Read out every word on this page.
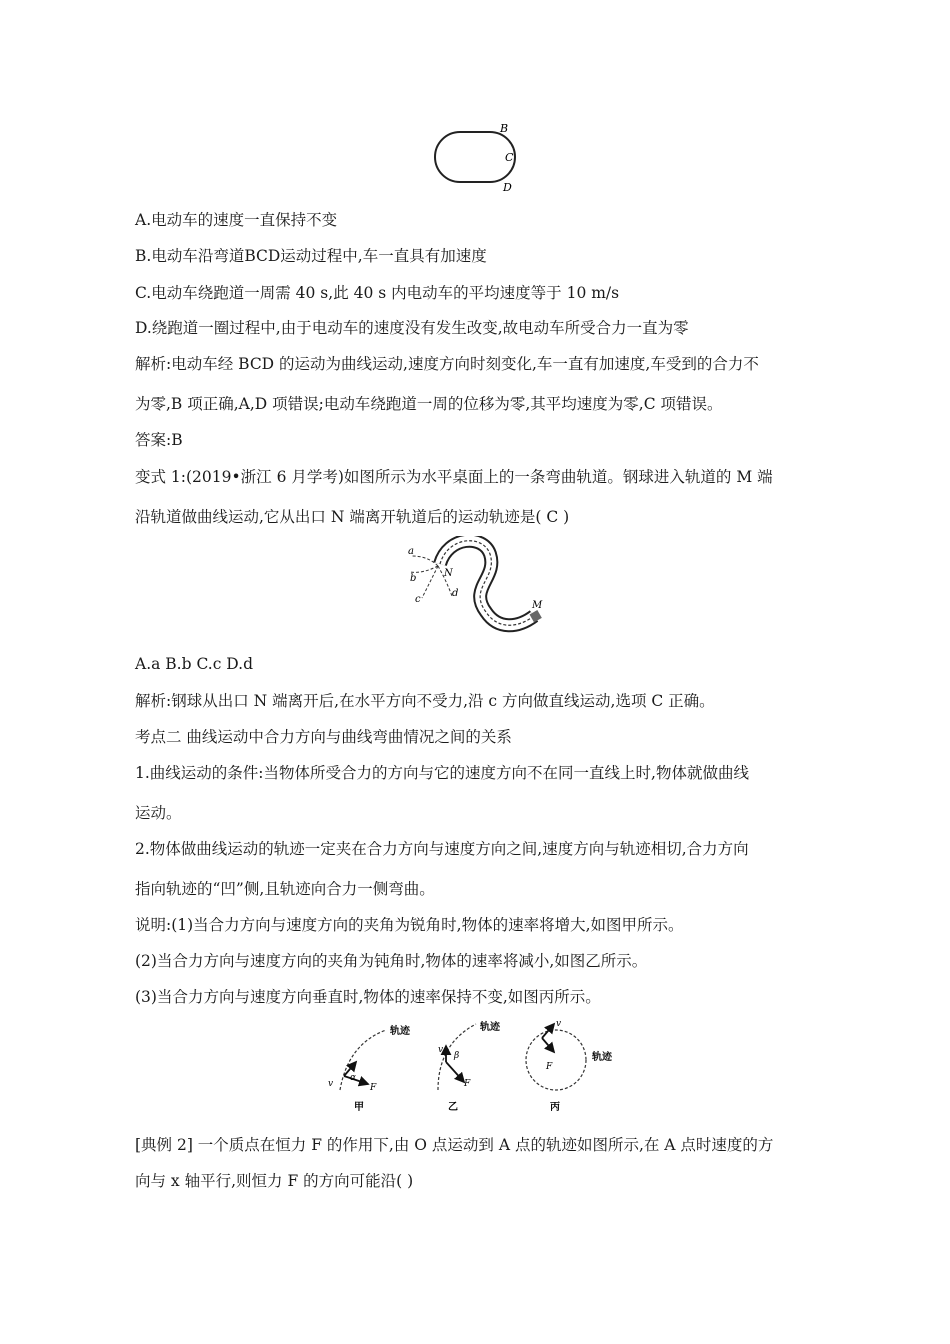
B
C
D
A.电动车的速度一直保持不变
B.电动车沿弯道BCD运动过程中,车一直具有加速度
C.电动车绕跑道一周需 40 s,此 40 s 内电动车的平均速度等于 10 m/s
D.绕跑道一圈过程中,由于电动车的速度没有发生改变,故电动车所受合力一直为零
解析:电动车经 BCD 的运动为曲线运动,速度方向时刻变化,车一直有加速度,车受到的合力不
为零,B 项正确,A,D 项错误;电动车绕跑道一周的位移为零,其平均速度为零,C 项错误。
答案:B
变式 1:(2019•浙江 6 月学考)如图所示为水平桌面上的一条弯曲轨道。钢球进入轨道的 M 端
沿轨道做曲线运动,它从出口 N 端离开轨道后的运动轨迹是( C )
a
b
c
d
N
M
A.a B.b C.c D.d
解析:钢球从出口 N 端离开后,在水平方向不受力,沿 c 方向做直线运动,选项 C 正确。
考点二 曲线运动中合力方向与曲线弯曲情况之间的关系
1.曲线运动的条件:当物体所受合力的方向与它的速度方向不在同一直线上时,物体就做曲线
运动。
2.物体做曲线运动的轨迹一定夹在合力方向与速度方向之间,速度方向与轨迹相切,合力方向
指向轨迹的“凹”侧,且轨迹向合力一侧弯曲。
说明:(1)当合力方向与速度方向的夹角为锐角时,物体的速率将增大,如图甲所示。
(2)当合力方向与速度方向的夹角为钝角时,物体的速率将减小,如图乙所示。
(3)当合力方向与速度方向垂直时,物体的速率保持不变,如图丙所示。
轨迹
v
α
F
甲
轨迹
v
β
F
乙
v
F
轨迹
丙
[典例 2] 一个质点在恒力 F 的作用下,由 O 点运动到 A 点的轨迹如图所示,在 A 点时速度的方
向与 x 轴平行,则恒力 F 的方向可能沿( )
